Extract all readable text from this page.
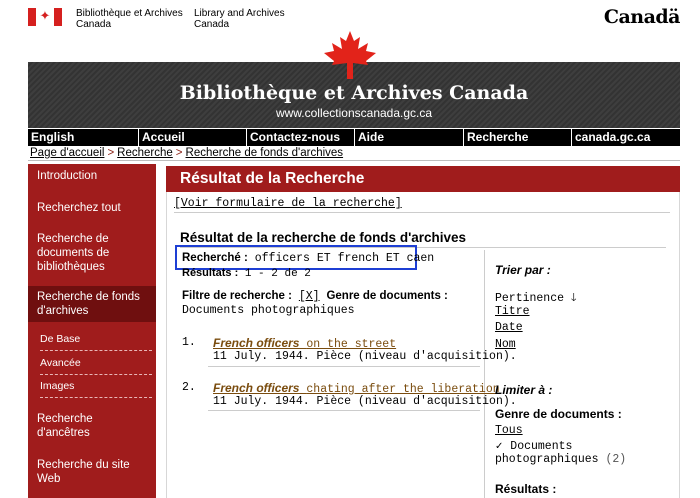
✦	Bibliothèque et Archives
Canada
Library and Archives
Canada	Canadä
Bibliothèque et Archives Canada
www.collectionscanada.gc.ca
English	Accueil	Contactez-nous	Aide	Recherche	canada.gc.ca
Page d'accueil > Recherche > Recherche de fonds d'archives
Introduction
Recherchez tout
Recherche de documents de bibliothèques
Recherche de fonds d'archives
De Base
Avancée
Images
Recherche d'ancêtres
Recherche du site Web
Résultat de la Recherche
[Voir formulaire de la recherche]
Résultat de la recherche de fonds d'archives
Recherché : officers ET french ET caen
Résultats : 1 - 2 de 2
Filtre de recherche : [X] Genre de documents :
Documents photographiques
1. French officers on the street
11 July. 1944. Pièce (niveau d'acquisition).
2. French officers chating after the liberation
11 July. 1944. Pièce (niveau d'acquisition).
Trier par :
Pertinence 🡓
Titre
Date
Nom
Limiter à :
Genre de documents :
Tous
✓ Documents photographiques (2)
Résultats :
